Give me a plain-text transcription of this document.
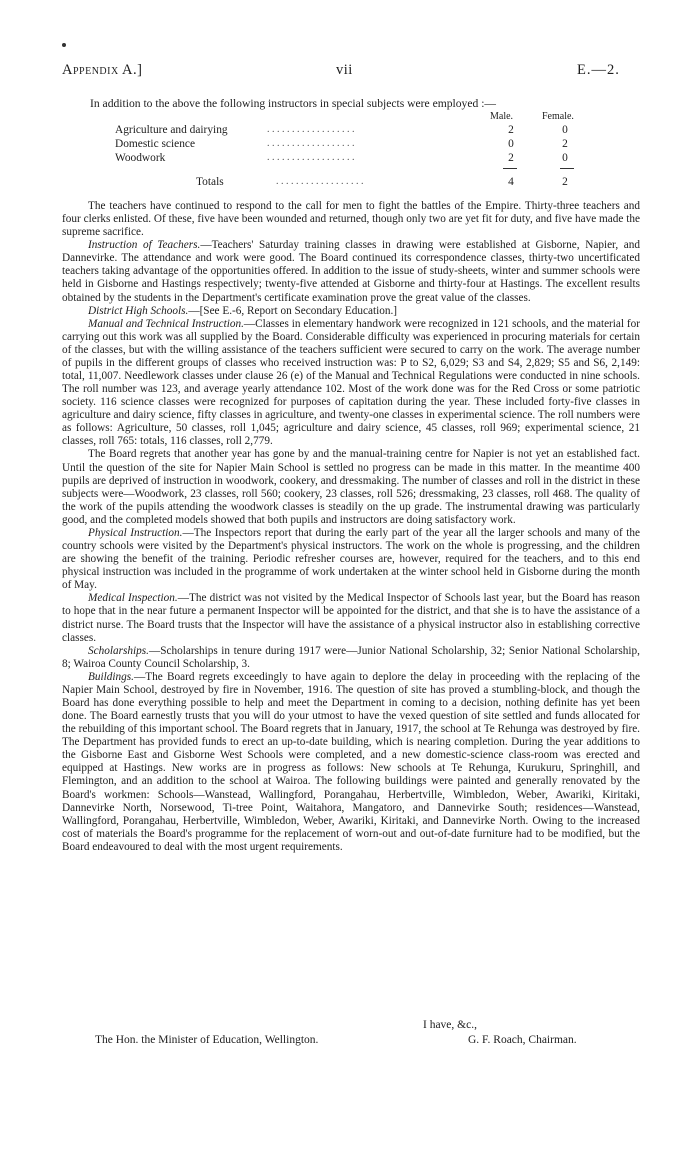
Appendix A.]	vii	E.—2.
In addition to the above the following instructors in special subjects were employed :—
Male.	Female.
Agriculture and dairying	. . . . . . . . . . . . . . . . . .	2	0
Domestic science	. . . . . . . . . . . . . . . . . .	0	2
Woodwork	. . . . . . . . . . . . . . . . . .	2	0
Totals	. . . . . . . . . . . . . . . . . .	4	2

The teachers have continued to respond to the call for men to fight the battles of the Empire. Thirty-three teachers and four clerks enlisted. Of these, five have been wounded and returned, though only two are yet fit for duty, and five have made the supreme sacrifice.

Instruction of Teachers.—Teachers' Saturday training classes in drawing were established at Gisborne, Napier, and Dannevirke. The attendance and work were good. The Board continued its correspondence classes, thirty-two uncertificated teachers taking advantage of the opportunities offered. In addition to the issue of study-sheets, winter and summer schools were held in Gisborne and Hastings respectively; twenty-five attended at Gisborne and thirty-four at Hastings. The excellent results obtained by the students in the Department's certificate examination prove the great value of the classes.

District High Schools.—[See E.-6, Report on Secondary Education.]

Manual and Technical Instruction.—Classes in elementary handwork were recognized in 121 schools, and the material for carrying out this work was all supplied by the Board. Considerable difficulty was experienced in procuring materials for certain of the classes, but with the willing assistance of the teachers sufficient were secured to carry on the work. The average number of pupils in the different groups of classes who received instruction was: P to S2, 6,029; S3 and S4, 2,829; S5 and S6, 2,149: total, 11,007. Needlework classes under clause 26 (e) of the Manual and Technical Regulations were conducted in nine schools. The roll number was 123, and average yearly attendance 102. Most of the work done was for the Red Cross or some patriotic society. 116 science classes were recognized for purposes of capitation during the year. These included forty-five classes in agriculture and dairy science, fifty classes in agriculture, and twenty-one classes in experimental science. The roll numbers were as follows: Agriculture, 50 classes, roll 1,045; agriculture and dairy science, 45 classes, roll 969; experimental science, 21 classes, roll 765: totals, 116 classes, roll 2,779.

The Board regrets that another year has gone by and the manual-training centre for Napier is not yet an established fact. Until the question of the site for Napier Main School is settled no progress can be made in this matter. In the meantime 400 pupils are deprived of instruction in woodwork, cookery, and dressmaking. The number of classes and roll in the district in these subjects were—Woodwork, 23 classes, roll 560; cookery, 23 classes, roll 526; dressmaking, 23 classes, roll 468. The quality of the work of the pupils attending the woodwork classes is steadily on the up grade. The instrumental drawing was particularly good, and the completed models showed that both pupils and instructors are doing satisfactory work.

Physical Instruction.—The Inspectors report that during the early part of the year all the larger schools and many of the country schools were visited by the Department's physical instructors. The work on the whole is progressing, and the children are showing the benefit of the training. Periodic refresher courses are, however, required for the teachers, and to this end physical instruction was included in the programme of work undertaken at the winter school held in Gisborne during the month of May.

Medical Inspection.—The district was not visited by the Medical Inspector of Schools last year, but the Board has reason to hope that in the near future a permanent Inspector will be appointed for the district, and that she is to have the assistance of a district nurse. The Board trusts that the Inspector will have the assistance of a physical instructor also in establishing corrective classes.

Scholarships.—Scholarships in tenure during 1917 were—Junior National Scholarship, 32; Senior National Scholarship, 8; Wairoa County Council Scholarship, 3.

Buildings.—The Board regrets exceedingly to have again to deplore the delay in proceeding with the replacing of the Napier Main School, destroyed by fire in November, 1916. The question of site has proved a stumbling-block, and though the Board has done everything possible to help and meet the Department in coming to a decision, nothing definite has yet been done. The Board earnestly trusts that you will do your utmost to have the vexed question of site settled and funds allocated for the rebuilding of this important school. The Board regrets that in January, 1917, the school at Te Rehunga was destroyed by fire. The Department has provided funds to erect an up-to-date building, which is nearing completion. During the year additions to the Gisborne East and Gisborne West Schools were completed, and a new domestic-science class-room was erected and equipped at Hastings. New works are in progress as follows: New schools at Te Rehunga, Kurukuru, Springhill, and Flemington, and an addition to the school at Wairoa. The following buildings were painted and generally renovated by the Board's workmen: Schools—Wanstead, Wallingford, Porangahau, Herbertville, Wimbledon, Weber, Awariki, Kiritaki, Dannevirke North, Norsewood, Ti-tree Point, Waitahora, Mangatoro, and Dannevirke South; residences—Wanstead, Wallingford, Porangahau, Herbertville, Wimbledon, Weber, Awariki, Kiritaki, and Dannevirke North. Owing to the increased cost of materials the Board's programme for the replacement of worn-out and out-of-date furniture had to be modified, but the Board endeavoured to deal with the most urgent requirements.

I have, &c.,
The Hon. the Minister of Education, Wellington.	G. F. Roach, Chairman.
